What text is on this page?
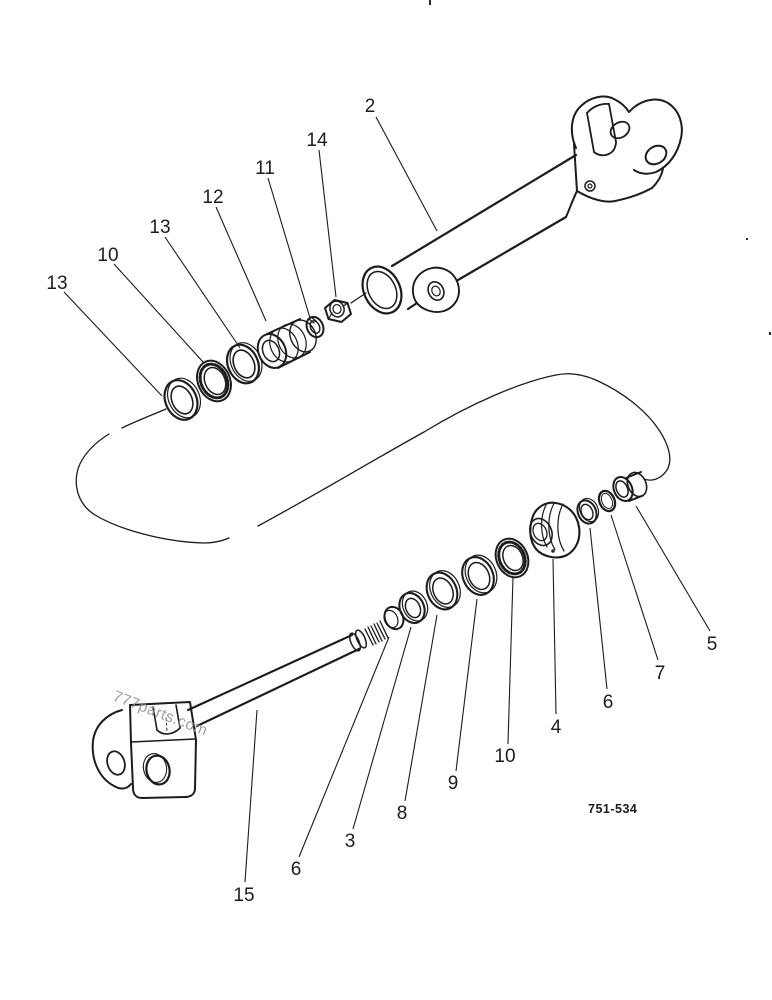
2
14
11
12
13
10
13
15
6
3
8
9
10
4
6
7
5
751-534
777parts.com
